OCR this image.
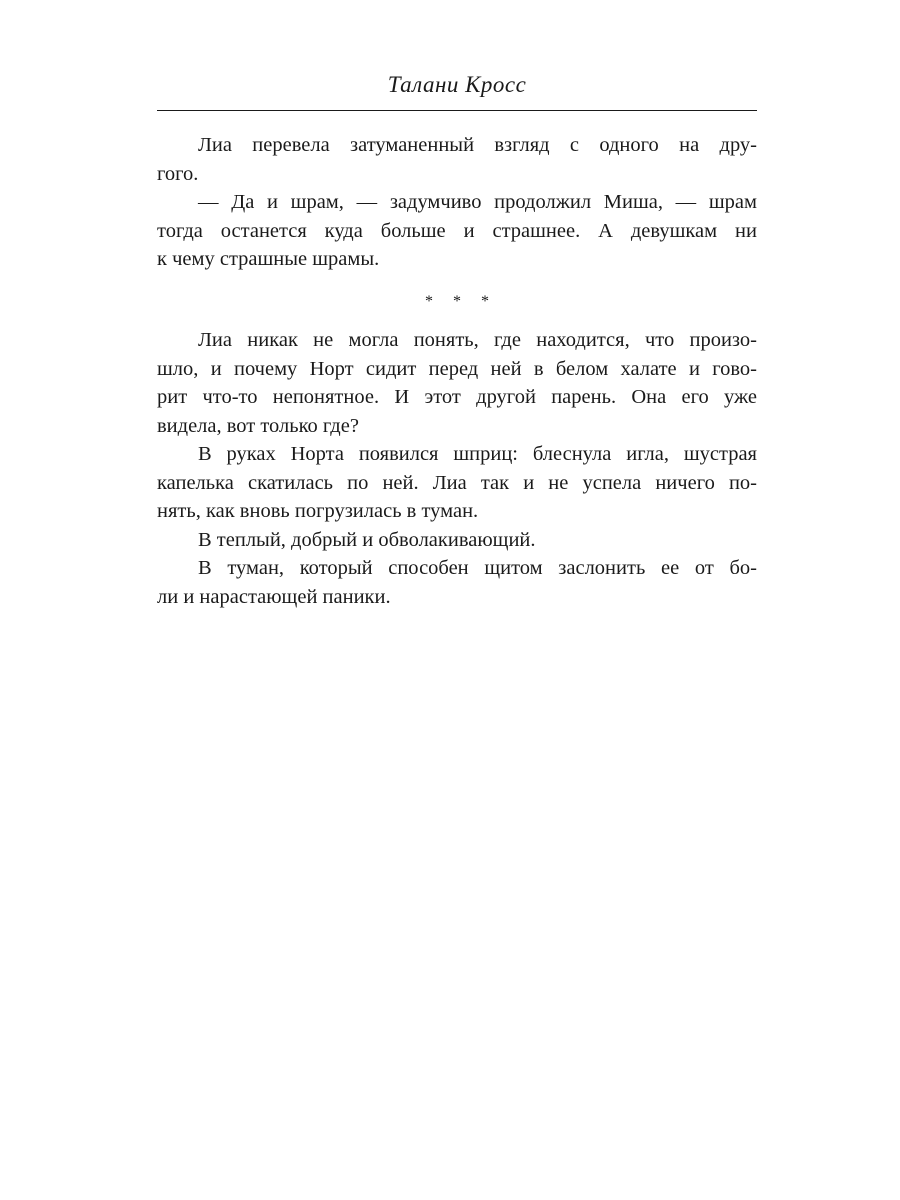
Талани Кросс
Лиа перевела затуманенный взгляд с одного на дру-
гого.
— Да и шрам, — задумчиво продолжил Миша, — шрам
тогда останется куда больше и страшнее. А девушкам ни
к чему страшные шрамы.
* * *
Лиа никак не могла понять, где находится, что произо-
шло, и почему Норт сидит перед ней в белом халате и гово-
рит что-то непонятное. И этот другой парень. Она его уже
видела, вот только где?
В руках Норта появился шприц: блеснула игла, шустрая
капелька скатилась по ней. Лиа так и не успела ничего по-
нять, как вновь погрузилась в туман.
В теплый, добрый и обволакивающий.
В туман, который способен щитом заслонить ее от бо-
ли и нарастающей паники.
